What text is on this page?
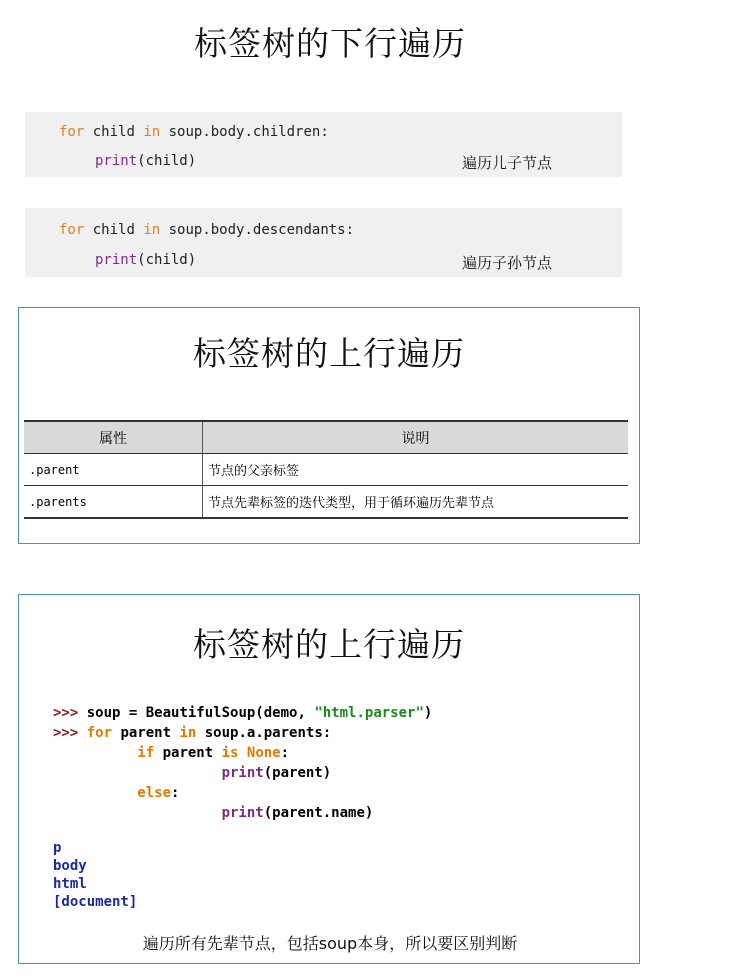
标签树的下行遍历
for child in soup.body.children:
print(child)	遍历儿子节点
for child in soup.body.descendants:
print(child)	遍历子孙节点
标签树的上行遍历
属性	说明
.parent	节点的父亲标签
.parents	节点先辈标签的迭代类型，用于循环遍历先辈节点
标签树的上行遍历
>>> soup = BeautifulSoup(demo, "html.parser")
>>> for parent in soup.a.parents:
if parent is None:
print(parent)
else:
print(parent.name)
p
body
html
[document]
遍历所有先辈节点，包括soup本身，所以要区别判断
